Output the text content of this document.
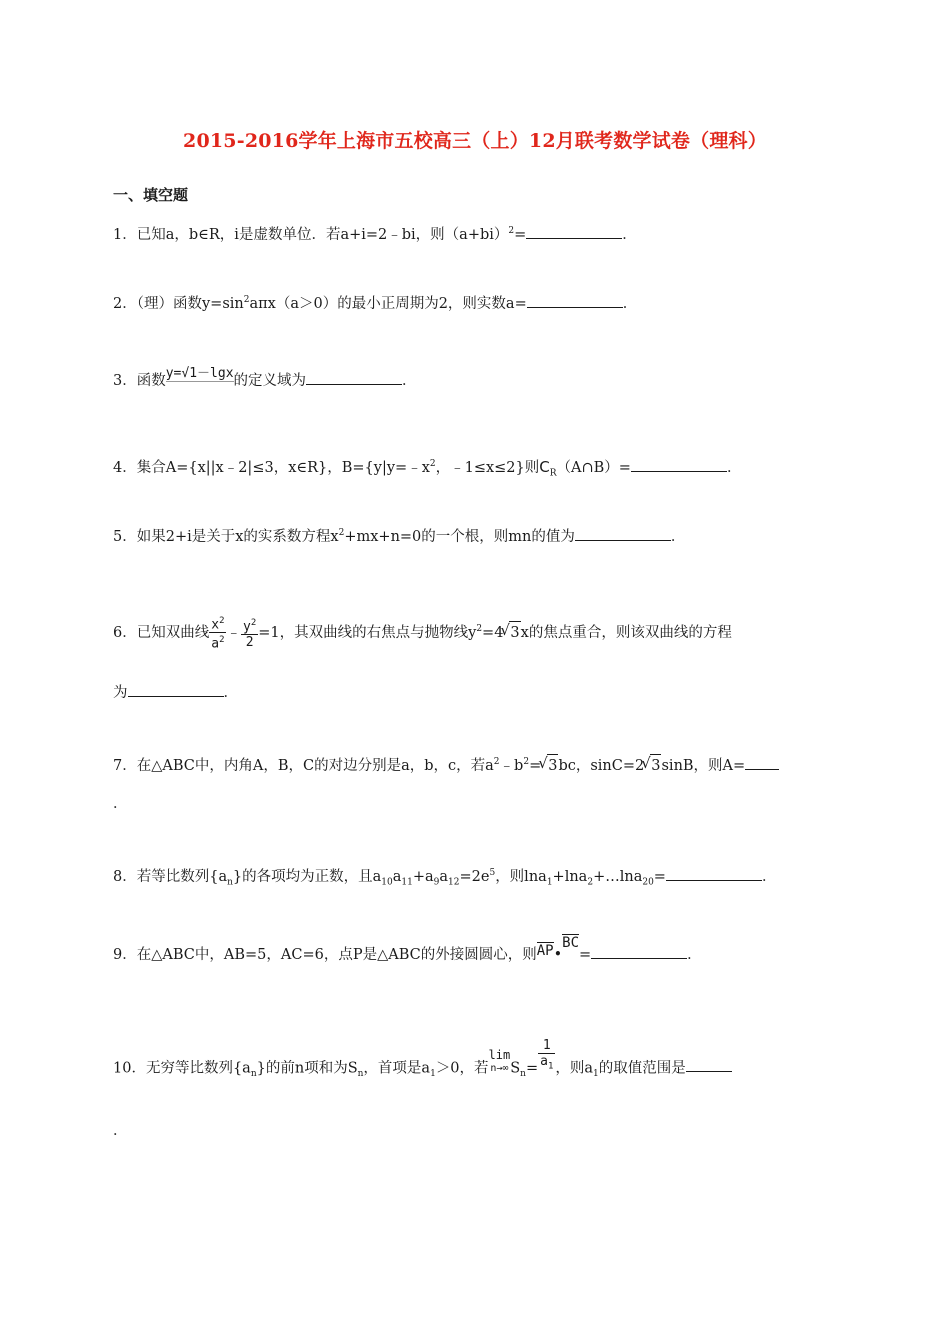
2015-2016学年上海市五校高三（上）12月联考数学试卷（理科）
一、填空题
1．已知a，b∈R，i是虚数单位．若a+i=2﹣bi，则$(a+bi)^2=$	．
2．（理）函数$y=\sin^2a\pi x(a>0)$的最小正周期为2，则实数a=	．
3．函数y=√1－lgx的定义域为	．
4．集合A={x||x﹣2|≤3，x∈R}，$B=\{y|y=﹣x^2$，﹣1≤x≤2}则$C_R(A\cap B)=$	．
5．如果2+i是关于x的实系数方程$x^2+mx+n=0$的一个根，则mn的值为	．
6．已知双曲线 $\frac{x^2}{a^2}$ ﹣ $\frac{y^2}{2} =1$，其双曲线的右焦点与抛物线$y^2=4√$ 3x的焦点重合，则该双曲线的方程
为	．
7．在△ABC中，内角A，B，C的对边分别是a，b，c，若$a^2﹣b^2=√$ 3bc，sinC=2√ 3sinB，则A=
．
8．若等比数列$\{a_n\}$的各项均为正数，且$a_{10}a_{11}+a_9a_{12}=2e^5$，则lna$_1$+lna$_2$+…lna$_{20}$=	．
9．在△ABC中，AB=5，AC=6，点P是△ABC的外接圆圆心，则AP•BC=	．
10．无穷等比数列$\{a_n\}$的前n项和为$S_n$，首项是$a_1>0$，若
lim
n→∞ $S_n= \frac{1}{a_1}$ ，则$a_1$的取值范围是
．
